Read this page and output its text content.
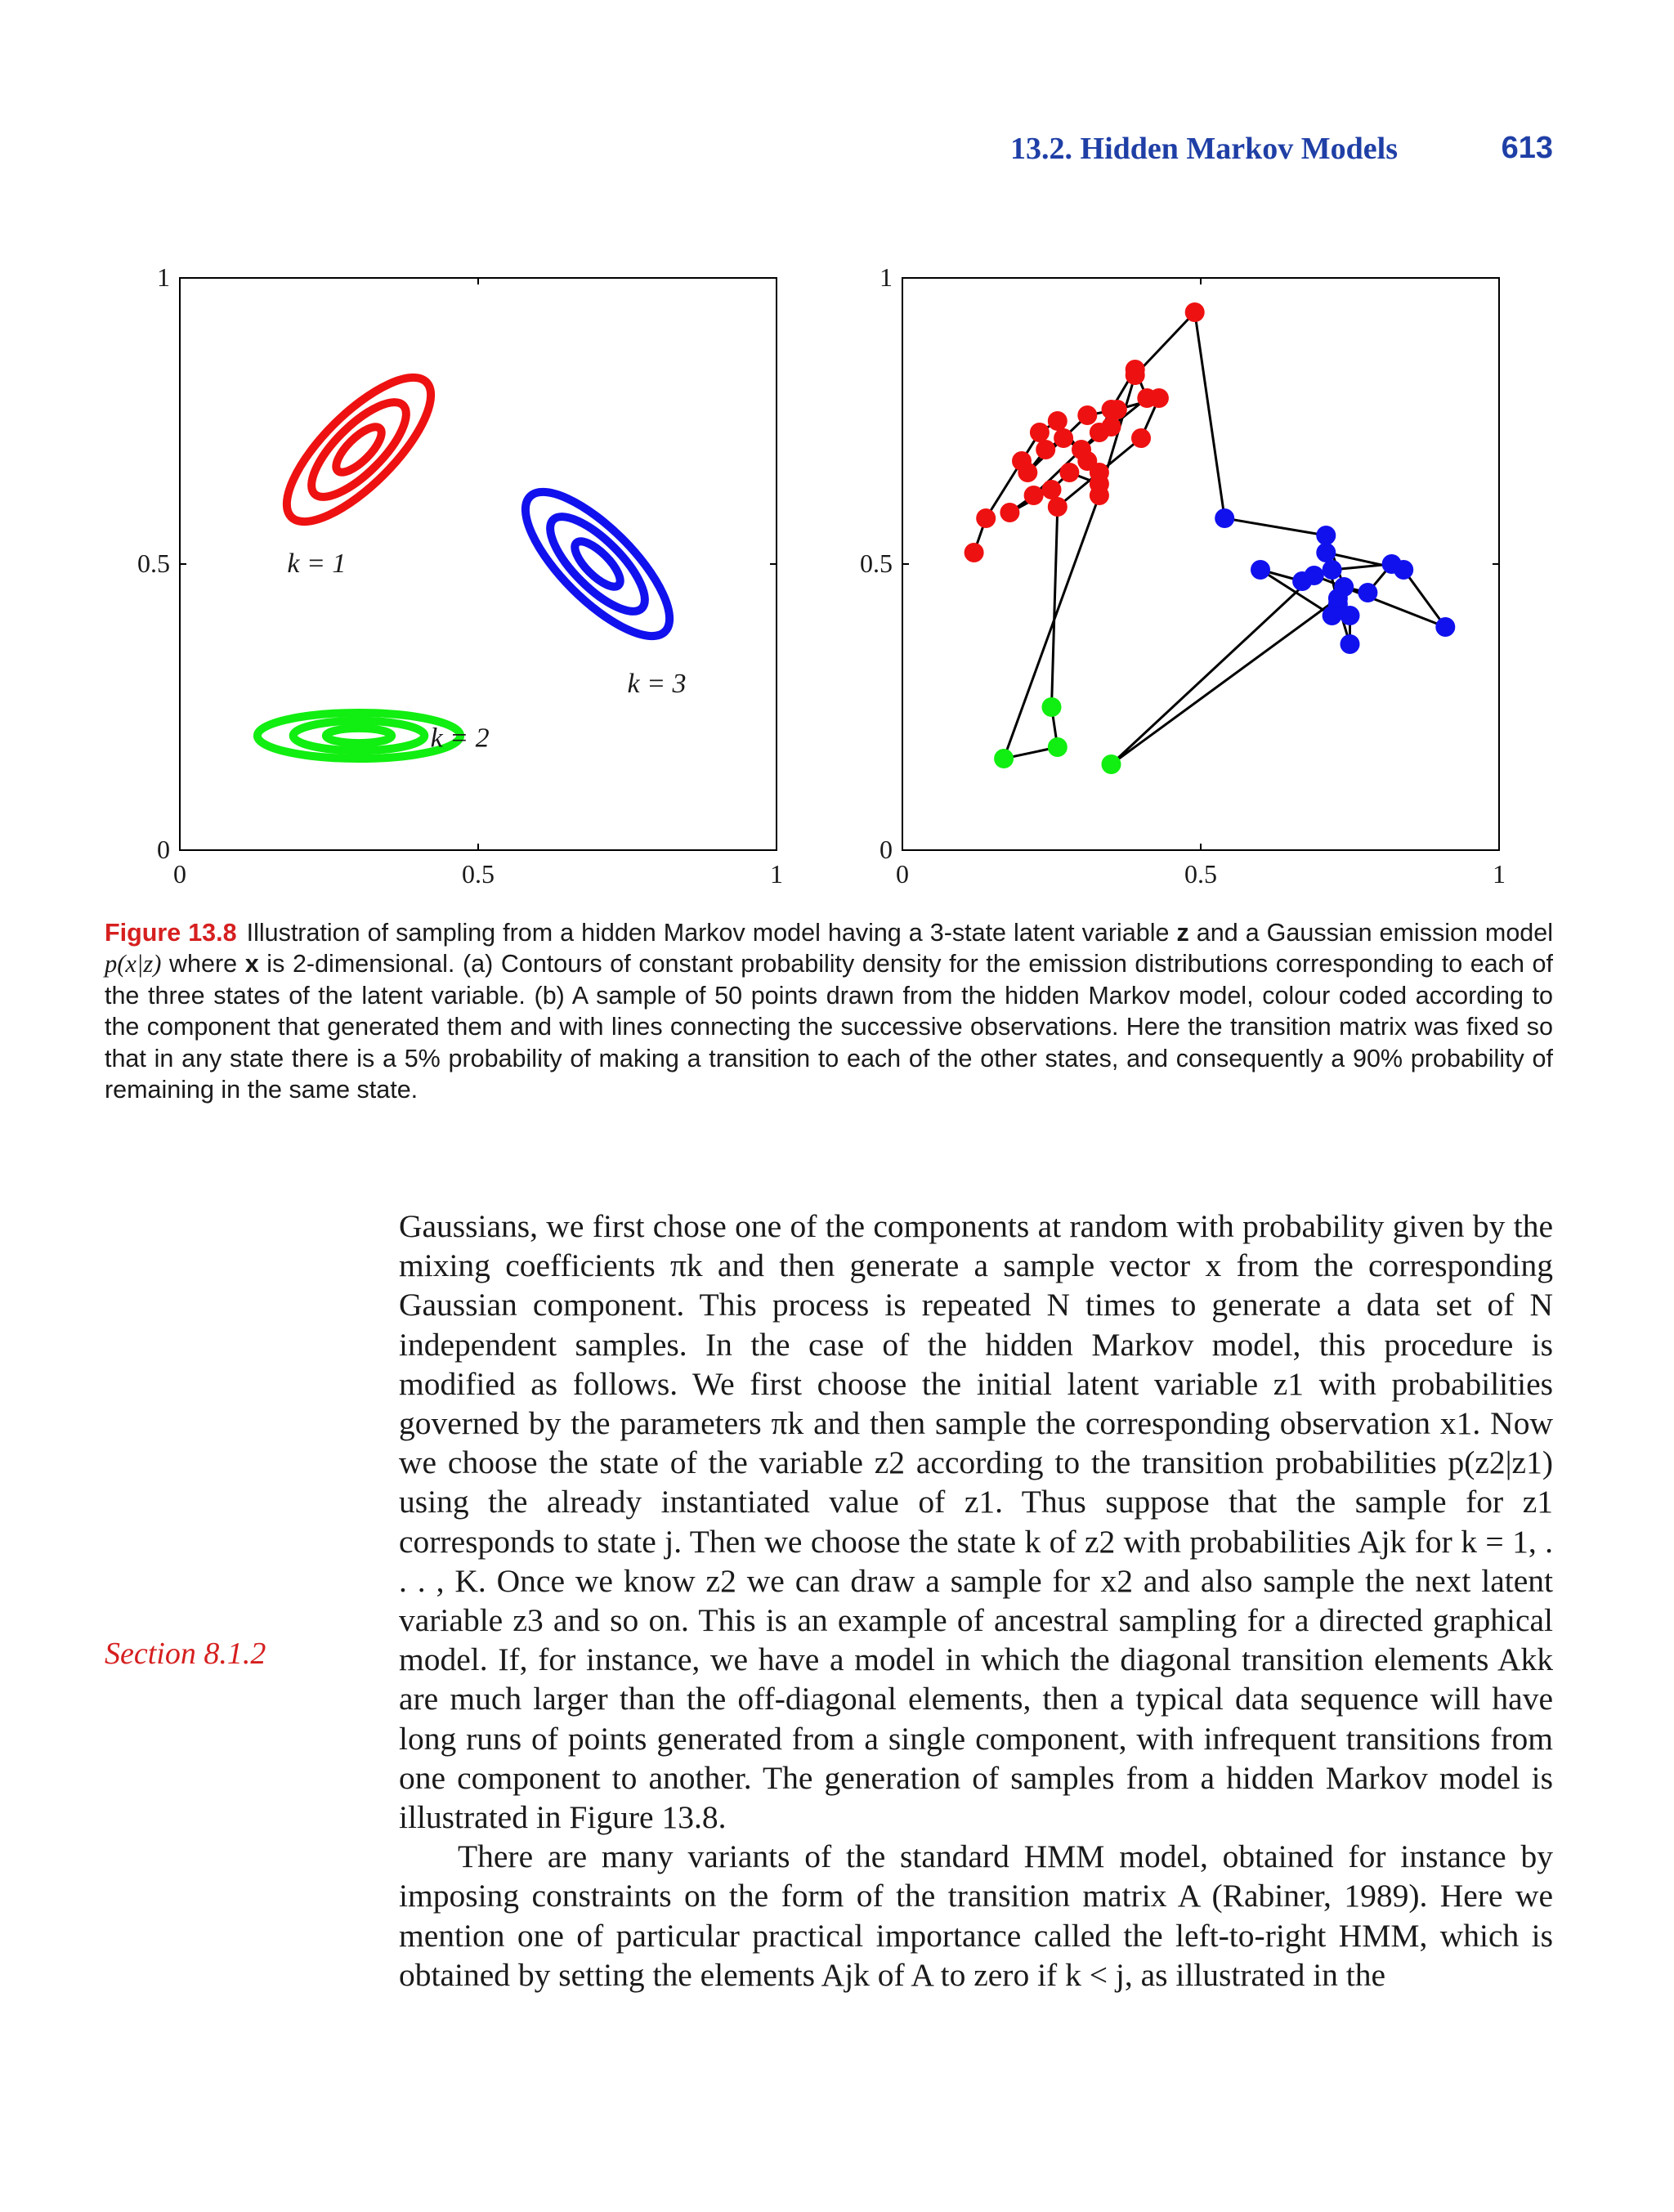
13.2. Hidden Markov Models	613
0	0.5	1
0
0.5
1
k = 1
k = 2
k = 3
0	0.5	1
0
0.5
1
Figure 13.8 Illustration of sampling from a hidden Markov model having a 3-state latent variable z and a Gaussian emission model p(x|z) where x is 2-dimensional. (a) Contours of constant probability density for the emission distributions corresponding to each of the three states of the latent variable. (b) A sample of 50 points drawn from the hidden Markov model, colour coded according to the component that generated them and with lines connecting the successive observations. Here the transition matrix was fixed so that in any state there is a 5% probability of making a transition to each of the other states, and consequently a 90% probability of remaining in the same state.
Section 8.1.2

Gaussians, we first chose one of the components at random with probability given by the mixing coefficients πk and then generate a sample vector x from the corresponding Gaussian component. This process is repeated N times to generate a data set of N independent samples. In the case of the hidden Markov model, this procedure is modified as follows. We first choose the initial latent variable z1 with probabilities governed by the parameters πk and then sample the corresponding observation x1. Now we choose the state of the variable z2 according to the transition probabilities p(z2|z1) using the already instantiated value of z1. Thus suppose that the sample for z1 corresponds to state j. Then we choose the state k of z2 with probabilities Ajk for k = 1, . . . , K. Once we know z2 we can draw a sample for x2 and also sample the next latent variable z3 and so on. This is an example of ancestral sampling for a directed graphical model. If, for instance, we have a model in which the diagonal transition elements Akk are much larger than the off-diagonal elements, then a typical data sequence will have long runs of points generated from a single component, with infrequent transitions from one component to another. The generation of samples from a hidden Markov model is illustrated in Figure 13.8.

There are many variants of the standard HMM model, obtained for instance by imposing constraints on the form of the transition matrix A (Rabiner, 1989). Here we mention one of particular practical importance called the left-to-right HMM, which is obtained by setting the elements Ajk of A to zero if k < j, as illustrated in the
